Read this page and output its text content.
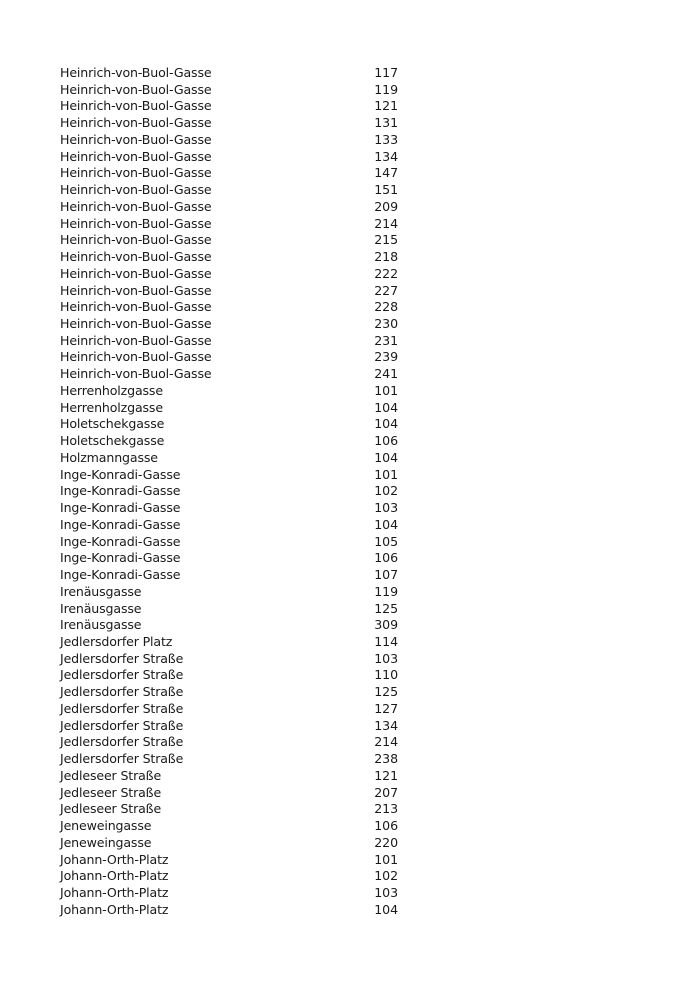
Heinrich-von-Buol-Gasse	117
Heinrich-von-Buol-Gasse	119
Heinrich-von-Buol-Gasse	121
Heinrich-von-Buol-Gasse	131
Heinrich-von-Buol-Gasse	133
Heinrich-von-Buol-Gasse	134
Heinrich-von-Buol-Gasse	147
Heinrich-von-Buol-Gasse	151
Heinrich-von-Buol-Gasse	209
Heinrich-von-Buol-Gasse	214
Heinrich-von-Buol-Gasse	215
Heinrich-von-Buol-Gasse	218
Heinrich-von-Buol-Gasse	222
Heinrich-von-Buol-Gasse	227
Heinrich-von-Buol-Gasse	228
Heinrich-von-Buol-Gasse	230
Heinrich-von-Buol-Gasse	231
Heinrich-von-Buol-Gasse	239
Heinrich-von-Buol-Gasse	241
Herrenholzgasse	101
Herrenholzgasse	104
Holetschekgasse	104
Holetschekgasse	106
Holzmanngasse	104
Inge-Konradi-Gasse	101
Inge-Konradi-Gasse	102
Inge-Konradi-Gasse	103
Inge-Konradi-Gasse	104
Inge-Konradi-Gasse	105
Inge-Konradi-Gasse	106
Inge-Konradi-Gasse	107
Irenäusgasse	119
Irenäusgasse	125
Irenäusgasse	309
Jedlersdorfer Platz	114
Jedlersdorfer Straße	103
Jedlersdorfer Straße	110
Jedlersdorfer Straße	125
Jedlersdorfer Straße	127
Jedlersdorfer Straße	134
Jedlersdorfer Straße	214
Jedlersdorfer Straße	238
Jedleseer Straße	121
Jedleseer Straße	207
Jedleseer Straße	213
Jeneweingasse	106
Jeneweingasse	220
Johann-Orth-Platz	101
Johann-Orth-Platz	102
Johann-Orth-Platz	103
Johann-Orth-Platz	104
